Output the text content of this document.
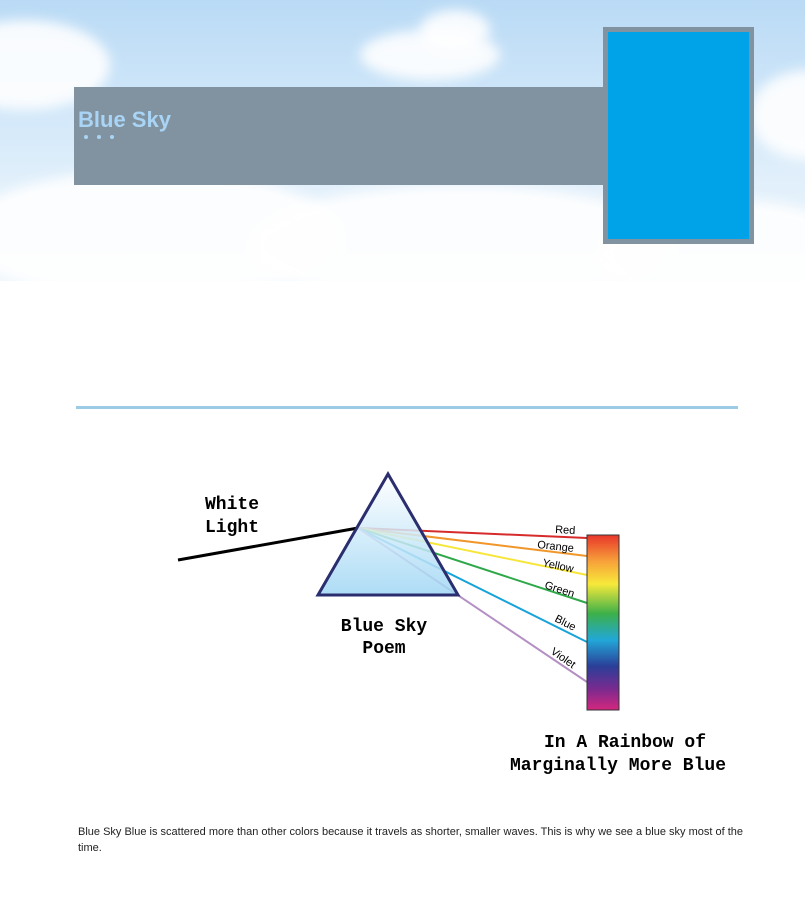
Blue Sky
Red
Orange
Yellow
Green
Blue
Violet
White
Light
Blue Sky
Poem
In A Rainbow of
Marginally More Blue

Blue Sky Blue is scattered more than other colors because it travels as shorter, smaller waves. This is why we see a blue sky most of the time.
